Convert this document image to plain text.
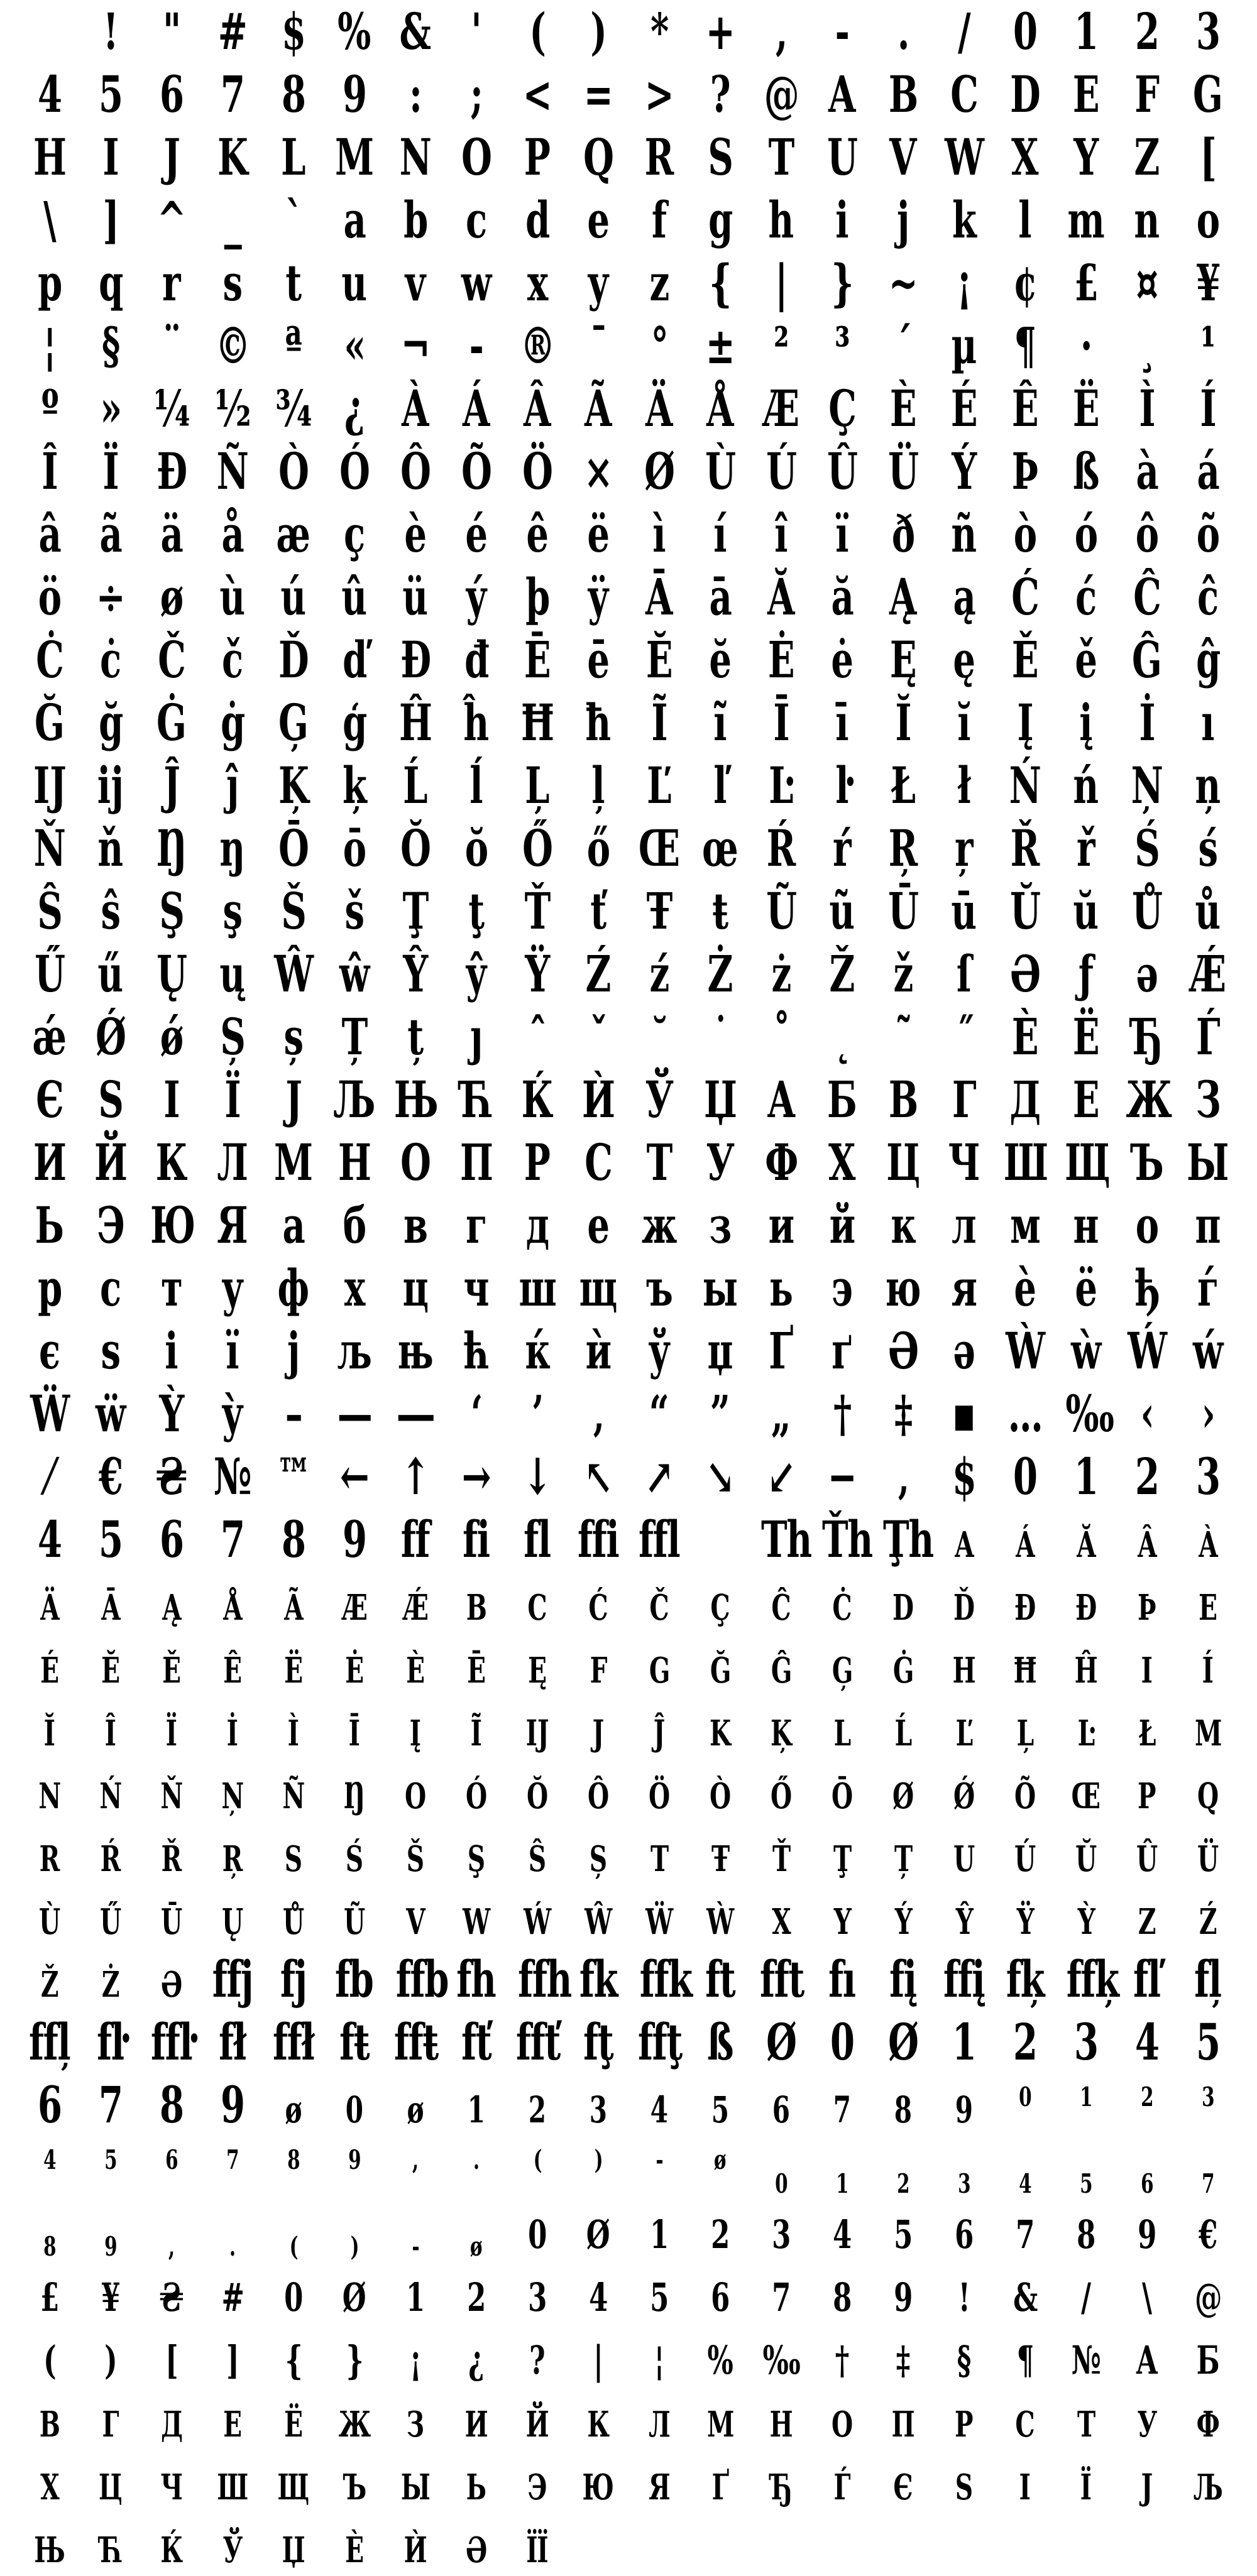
! " # $ % & ' ( ) * + , - . / 0 1 2 3
4 5 6 7 8 9 : ; < = > ? @ A B C D E F G
H I J K L M N O P Q R S T U V W X Y Z [
\ ] ^ _ ` a b c d e f g h i j k l m n o
p q r s t u v w x y z { | } ~ ¡ ¢ £ ¤ ¥
¦ § ¨ © ª « ¬ - ® ¯ ° ± ² ³ ´ µ ¶ · ¸ ¹
º » ¼ ½ ¾ ¿ À Á Â Ã Ä Å Æ Ç È É Ê Ë Ì Í
Î Ï Ð Ñ Ò Ó Ô Õ Ö × Ø Ù Ú Û Ü Ý Þ ß à á
â ã ä å æ ç è é ê ë ì í î ï ð ñ ò ó ô õ
ö ÷ ø ù ú û ü ý þ ÿ Ā ā Ă ă Ą ą Ć ć Ĉ ĉ
Ċ ċ Č č Ď ď Đ đ Ē ē Ĕ ĕ Ė ė Ę ę Ě ě Ĝ ĝ
Ğ ğ Ġ ġ Ģ ģ Ĥ ĥ Ħ ħ Ĩ ĩ Ī ī Ĭ ĭ Į į İ ı
Ĳ ĳ Ĵ ĵ Ķ ķ Ĺ ĺ Ļ ļ Ľ ľ Ŀ ŀ Ł ł Ń ń Ņ ņ
Ň ň Ŋ ŋ Ō ō Ŏ ŏ Ő ő Œ œ Ŕ ŕ Ŗ ŗ Ř ř Ś ś
Ŝ ŝ Ş ş Š š Ţ ţ Ť ť Ŧ ŧ Ũ ũ Ū ū Ŭ ŭ Ů ů
Ű ű Ų ų Ŵ ŵ Ŷ ŷ Ÿ Ź ź Ż ż Ž ž ſ Ə ƒ ə Ǽ
ǽ Ǿ ǿ Ș ș Ț ț ȷ ˆ ˇ ˘ ˙ ˚ ˛ ˜ ˝ Ѐ Ё Ђ Ѓ
Є Ѕ І Ї Ј Љ Њ Ћ Ќ Ѝ Ў Џ А Б В Г Д Е Ж З
И Й К Л М Н О П Р С Т У Ф Х Ц Ч Ш Щ Ъ Ы
Ь Э Ю Я а б в г д е ж з и й к л м н о п
р с т у ф х ц ч ш щ ъ ы ь э ю я ѐ ё ђ ѓ
є ѕ і ї ј љ њ ћ ќ ѝ ў џ Ґ ґ Ә ә Ẁ ẁ Ẃ ẃ
Ẅ ẅ Ỳ ỳ – — ― ‘ ’ ‚ “ ” „ † ‡ ▪ … ‰ ‹ ›
⁄ € ₴ № ™ ← ↑ → ↓ ↖ ↗ ↘ ↙ − ‚ $ 0 1 2 3
4 5 6 7 8 9 ff fi fl ffi ffl Th Ťh Ţh A	Á	Ă	Â	À
Ä	Ā	Ą	Å	Ã	Æ	Ǽ	B	C	Ć	Č	Ç	Ĉ	Ċ	D	Ď	Đ	Ð	Þ	E
É	Ĕ	Ě	Ê	Ë	Ė	È	Ē	Ę	F	G	Ğ	Ĝ	Ģ	Ġ	H	Ħ	Ĥ	I	Í
Ĭ	Î	Ï	İ	Ì	Ī	Į	Ĩ	Ĳ	J	Ĵ	K	Ķ	L	Ĺ	Ľ	Ļ	Ŀ	Ł	M
N	Ń	Ň	Ņ	Ñ	Ŋ	O	Ó	Ŏ	Ô	Ö	Ò	Ő	Ō	Ø	Ǿ	Õ	Œ	P	Q
R	Ŕ	Ř	Ŗ	S	Ś	Š	Ş	Ŝ	Ș	T	Ŧ	Ť	Ţ	Ț	U	Ú	Ŭ	Û	Ü
Ù	Ű	Ū	Ų	Ů	Ũ	V	W Ẃ Ŵ Ẅ Ẁ	X	Y	Ý	Ŷ	Ÿ	Ỳ	Z	Ź
Ž	Ż	Ə ffj fj fb ffb fh ffh fk ffk ft fft fı fį ffį fķ ffķ fľ fļ
ffļ fŀ ffŀ fł ffł fŧ ffŧ fť ffť fţ ffţ ß Ø 0 Ø 1 2 3 4 5
6 7 8 9	ø	0	ø	1	2	3	4	5	6	7	8	9	0	1	2	3
4	5	6	7	8	9	,	.	(	)	-	ø
0	1	2	3	4	5	6	7
8	9	,	.	(	)	-	ø	0	Ø	1	2	3	4	5	6	7	8	9	€
£	¥	₴ #	0	Ø	1	2	3	4	5	6	7	8	9	!	&	/	\	@
(	)	[	]	{	}	¡	¿	?	|	¦	% ‰ †	‡	§	¶ № А	Б
В	Г	Д	Е	Ё	Ж	З	И	Й	К	Л	М	Н	О	П	Р	С	Т	У	Ф
Х	Ц	Ч Ш Щ Ъ	Ы	Ь	Э	Ю Я	Ґ	Ђ	Ѓ	Є	Ѕ	І	Ї	Ј	Љ
Њ Ћ	Ќ	Ў	Џ	Ѐ	Ѝ	Ә	ЇЇ
